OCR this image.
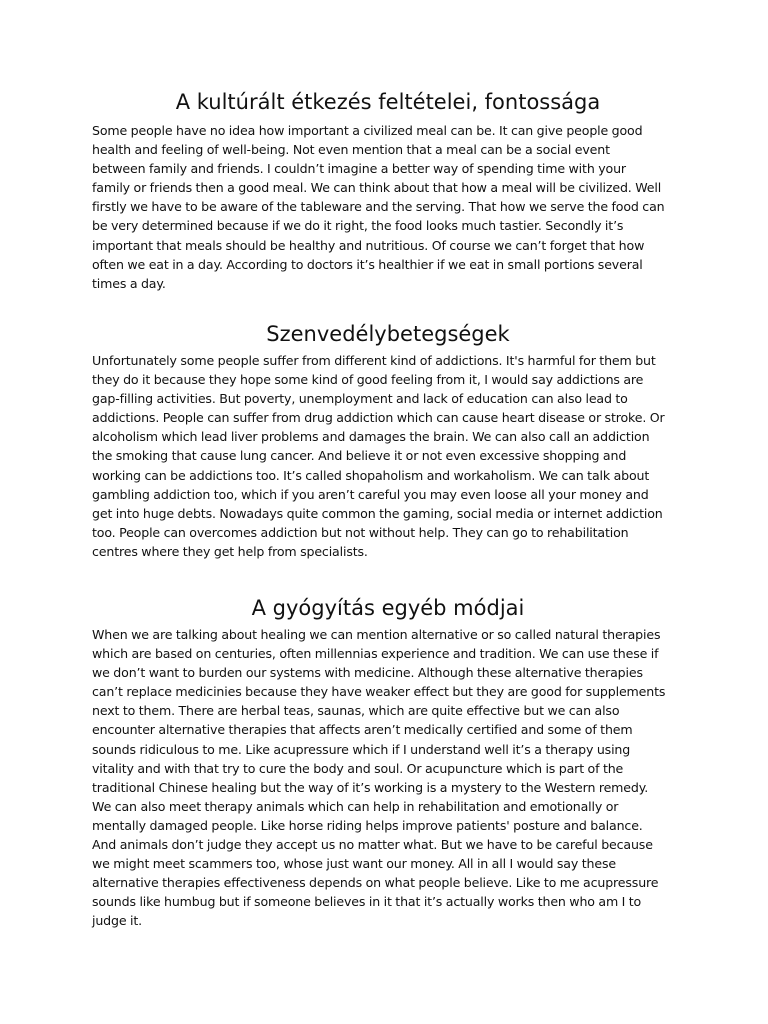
A kultúrált étkezés feltételei, fontossága

Some people have no idea how important a civilized meal can be. It can give people good
health and feeling of well-being. Not even mention that a meal can be a social event
between family and friends. I couldn’t imagine a better way of spending time with your
family or friends then a good meal. We can think about that how a meal will be civilized. Well
firstly we have to be aware of the tableware and the serving. That how we serve the food can
be very determined because if we do it right, the food looks much tastier. Secondly it’s
important that meals should be healthy and nutritious. Of course we can’t forget that how
often we eat in a day. According to doctors it’s healthier if we eat in small portions several
times a day.

Szenvedélybetegségek

Unfortunately some people suffer from different kind of addictions. It's harmful for them but
they do it because they hope some kind of good feeling from it, I would say addictions are
gap-filling activities. But poverty, unemployment and lack of education can also lead to
addictions. People can suffer from drug addiction which can cause heart disease or stroke. Or
alcoholism which lead liver problems and damages the brain. We can also call an addiction
the smoking that cause lung cancer. And believe it or not even excessive shopping and
working can be addictions too. It’s called shopaholism and workaholism. We can talk about
gambling addiction too, which if you aren’t careful you may even loose all your money and
get into huge debts. Nowadays quite common the gaming, social media or internet addiction
too. People can overcomes addiction but not without help. They can go to rehabilitation
centres where they get help from specialists.

A gyógyítás egyéb módjai

When we are talking about healing we can mention alternative or so called natural therapies
which are based on centuries, often millennias experience and tradition. We can use these if
we don’t want to burden our systems with medicine. Although these alternative therapies
can’t replace medicinies because they have weaker effect but they are good for supplements
next to them. There are herbal teas, saunas, which are quite effective but we can also
encounter alternative therapies that affects aren’t medically certified and some of them
sounds ridiculous to me. Like acupressure which if I understand well it’s a therapy using
vitality and with that try to cure the body and soul. Or acupuncture which is part of the
traditional Chinese healing but the way of it’s working is a mystery to the Western remedy.
We can also meet therapy animals which can help in rehabilitation and emotionally or
mentally damaged people. Like horse riding helps improve patients' posture and balance.
And animals don’t judge they accept us no matter what. But we have to be careful because
we might meet scammers too, whose just want our money. All in all I would say these
alternative therapies effectiveness depends on what people believe. Like to me acupressure
sounds like humbug but if someone believes in it that it’s actually works then who am I to
judge it.
